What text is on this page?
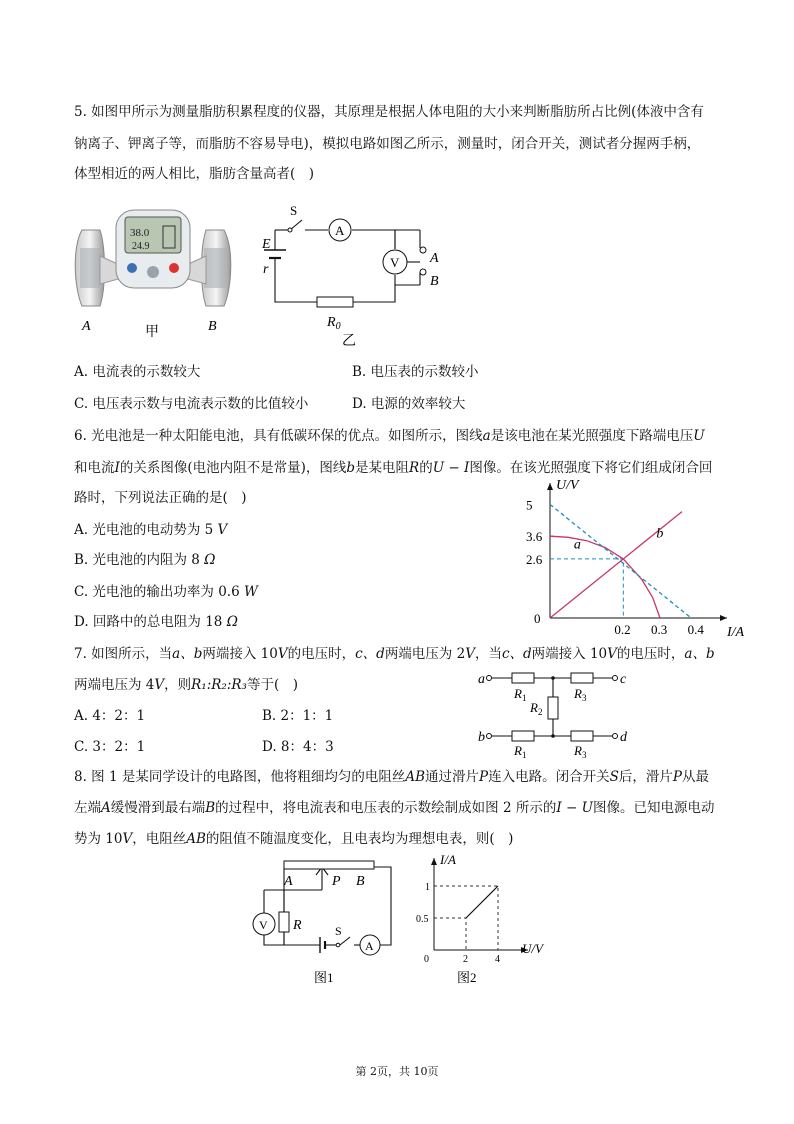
5. 如图甲所示为测量脂肪积累程度的仪器，其原理是根据人体电阻的大小来判断脂肪所占比例(体液中含有
钠离子、钾离子等，而脂肪不容易导电)，模拟电路如图乙所示，测量时，闭合开关，测试者分握两手柄，
体型相近的两人相比，脂肪含量高者(　)
38.0
24.9
A	甲	B
A
V
S
E
r
A
B
$R_0$
乙
A. 电流表的示数较大	B. 电压表的示数较小
C. 电压表示数与电流表示数的比值较小	D. 电源的效率较大
6. 光电池是一种太阳能电池，具有低碳环保的优点。如图所示，图线a是该电池在某光照强度下路端电压U
和电流I的关系图像(电池内阻不是常量)，图线b是某电阻R的U − I图像。在该光照强度下将它们组成闭合回
路时，下列说法正确的是(　)
A. 光电池的电动势为 5 V
B. 光电池的内阻为 8 Ω
C. 光电池的输出功率为 0.6 W
D. 回路中的总电阻为 18 Ω	0.2 0.3 0.4
2.6
3.6
5
I/A
U/V
0
a
b
7. 如图所示，当a、b两端接入 10V的电压时，c、d两端电压为 2V，当c、d两端接入 10V的电压时，a、b
两端电压为 4V，则R₁:R₂:R₃等于(　)
A. 4：2：1	B. 2：1：1
C. 3：2：1	D. 8：4：3
a	c
b	d
$R_1$	$R_3$
$R_2$
$R_1$	$R_3$
8. 图 1 是某同学设计的电路图，他将粗细均匀的电阻丝AB通过滑片P连入电路。闭合开关S后，滑片P从最
左端A缓慢滑到最右端B的过程中，将电流表和电压表的示数绘制成如图 2 所示的I − U图像。已知电源电动
势为 10V，电阻丝AB的阻值不随温度变化，且电表均为理想电表，则(　)
A	P B
V R	S
A
图1
2	4
0.5
1
I/A
U/V
0
图2
第 2页，共 10页
